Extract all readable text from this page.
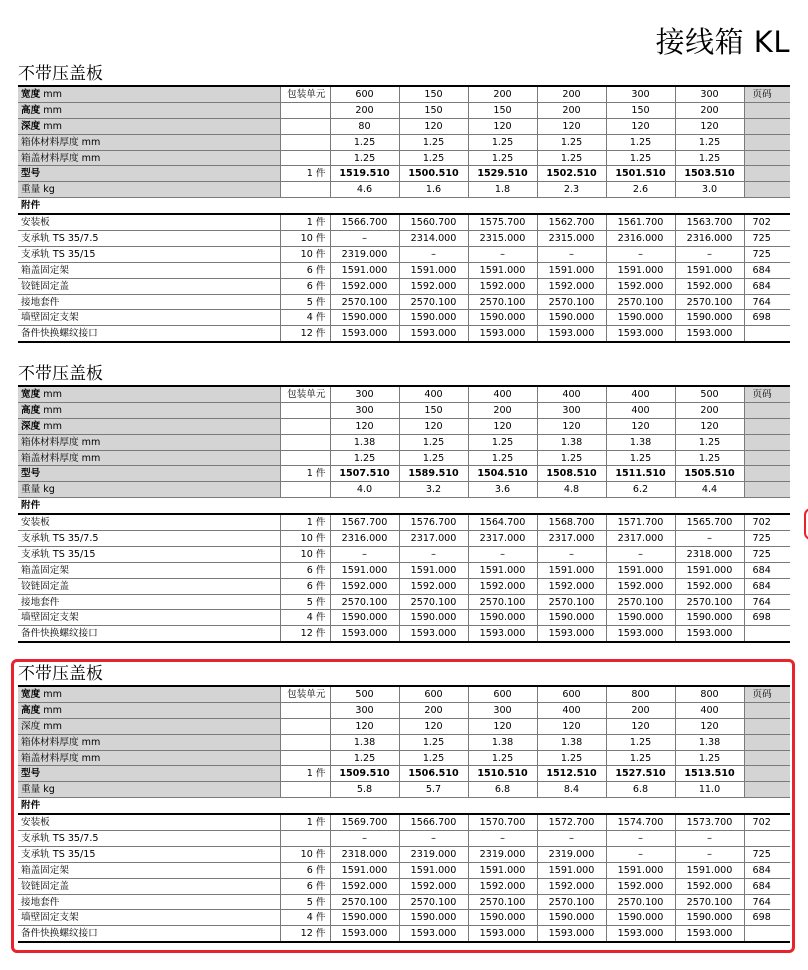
接线箱 KL
不带压盖板
宽度 mm	包装单元	600	150	200	200	300	300	页码
高度 mm		200	150	150	200	150	200	
深度 mm		80	120	120	120	120	120	
箱体材料厚度 mm		1.25	1.25	1.25	1.25	1.25	1.25	
箱盖材料厚度 mm		1.25	1.25	1.25	1.25	1.25	1.25	
型号	1 件	1519.510	1500.510	1529.510	1502.510	1501.510	1503.510	
重量 kg		4.6	1.6	1.8	2.3	2.6	3.0	
附件								
安装板	1 件	1566.700	1560.700	1575.700	1562.700	1561.700	1563.700	702
支承轨 TS 35/7.5	10 件	–	2314.000	2315.000	2315.000	2316.000	2316.000	725
支承轨 TS 35/15	10 件	2319.000	–	–	–	–	–	725
箱盖固定架	6 件	1591.000	1591.000	1591.000	1591.000	1591.000	1591.000	684
铰链固定盖	6 件	1592.000	1592.000	1592.000	1592.000	1592.000	1592.000	684
接地套件	5 件	2570.100	2570.100	2570.100	2570.100	2570.100	2570.100	764
墙壁固定支架	4 件	1590.000	1590.000	1590.000	1590.000	1590.000	1590.000	698
备件快换螺纹接口	12 件	1593.000	1593.000	1593.000	1593.000	1593.000	1593.000	
不带压盖板
宽度 mm	包装单元	300	400	400	400	400	500	页码
高度 mm		300	150	200	300	400	200	
深度 mm		120	120	120	120	120	120	
箱体材料厚度 mm		1.38	1.25	1.25	1.38	1.38	1.25	
箱盖材料厚度 mm		1.25	1.25	1.25	1.25	1.25	1.25	
型号	1 件	1507.510	1589.510	1504.510	1508.510	1511.510	1505.510	
重量 kg		4.0	3.2	3.6	4.8	6.2	4.4	
附件								
安装板	1 件	1567.700	1576.700	1564.700	1568.700	1571.700	1565.700	702
支承轨 TS 35/7.5	10 件	2316.000	2317.000	2317.000	2317.000	2317.000	–	725
支承轨 TS 35/15	10 件	–	–	–	–	–	2318.000	725
箱盖固定架	6 件	1591.000	1591.000	1591.000	1591.000	1591.000	1591.000	684
铰链固定盖	6 件	1592.000	1592.000	1592.000	1592.000	1592.000	1592.000	684
接地套件	5 件	2570.100	2570.100	2570.100	2570.100	2570.100	2570.100	764
墙壁固定支架	4 件	1590.000	1590.000	1590.000	1590.000	1590.000	1590.000	698
备件快换螺纹接口	12 件	1593.000	1593.000	1593.000	1593.000	1593.000	1593.000	
不带压盖板
宽度 mm	包装单元	500	600	600	600	800	800	页码
高度 mm		300	200	300	400	200	400	
深度 mm		120	120	120	120	120	120	
箱体材料厚度 mm		1.38	1.25	1.38	1.38	1.25	1.38	
箱盖材料厚度 mm		1.25	1.25	1.25	1.25	1.25	1.25	
型号	1 件	1509.510	1506.510	1510.510	1512.510	1527.510	1513.510	
重量 kg		5.8	5.7	6.8	8.4	6.8	11.0	
附件								
安装板	1 件	1569.700	1566.700	1570.700	1572.700	1574.700	1573.700	702
支承轨 TS 35/7.5		–	–	–	–	–	–	
支承轨 TS 35/15	10 件	2318.000	2319.000	2319.000	2319.000	–	–	725
箱盖固定架	6 件	1591.000	1591.000	1591.000	1591.000	1591.000	1591.000	684
铰链固定盖	6 件	1592.000	1592.000	1592.000	1592.000	1592.000	1592.000	684
接地套件	5 件	2570.100	2570.100	2570.100	2570.100	2570.100	2570.100	764
墙壁固定支架	4 件	1590.000	1590.000	1590.000	1590.000	1590.000	1590.000	698
备件快换螺纹接口	12 件	1593.000	1593.000	1593.000	1593.000	1593.000	1593.000	
